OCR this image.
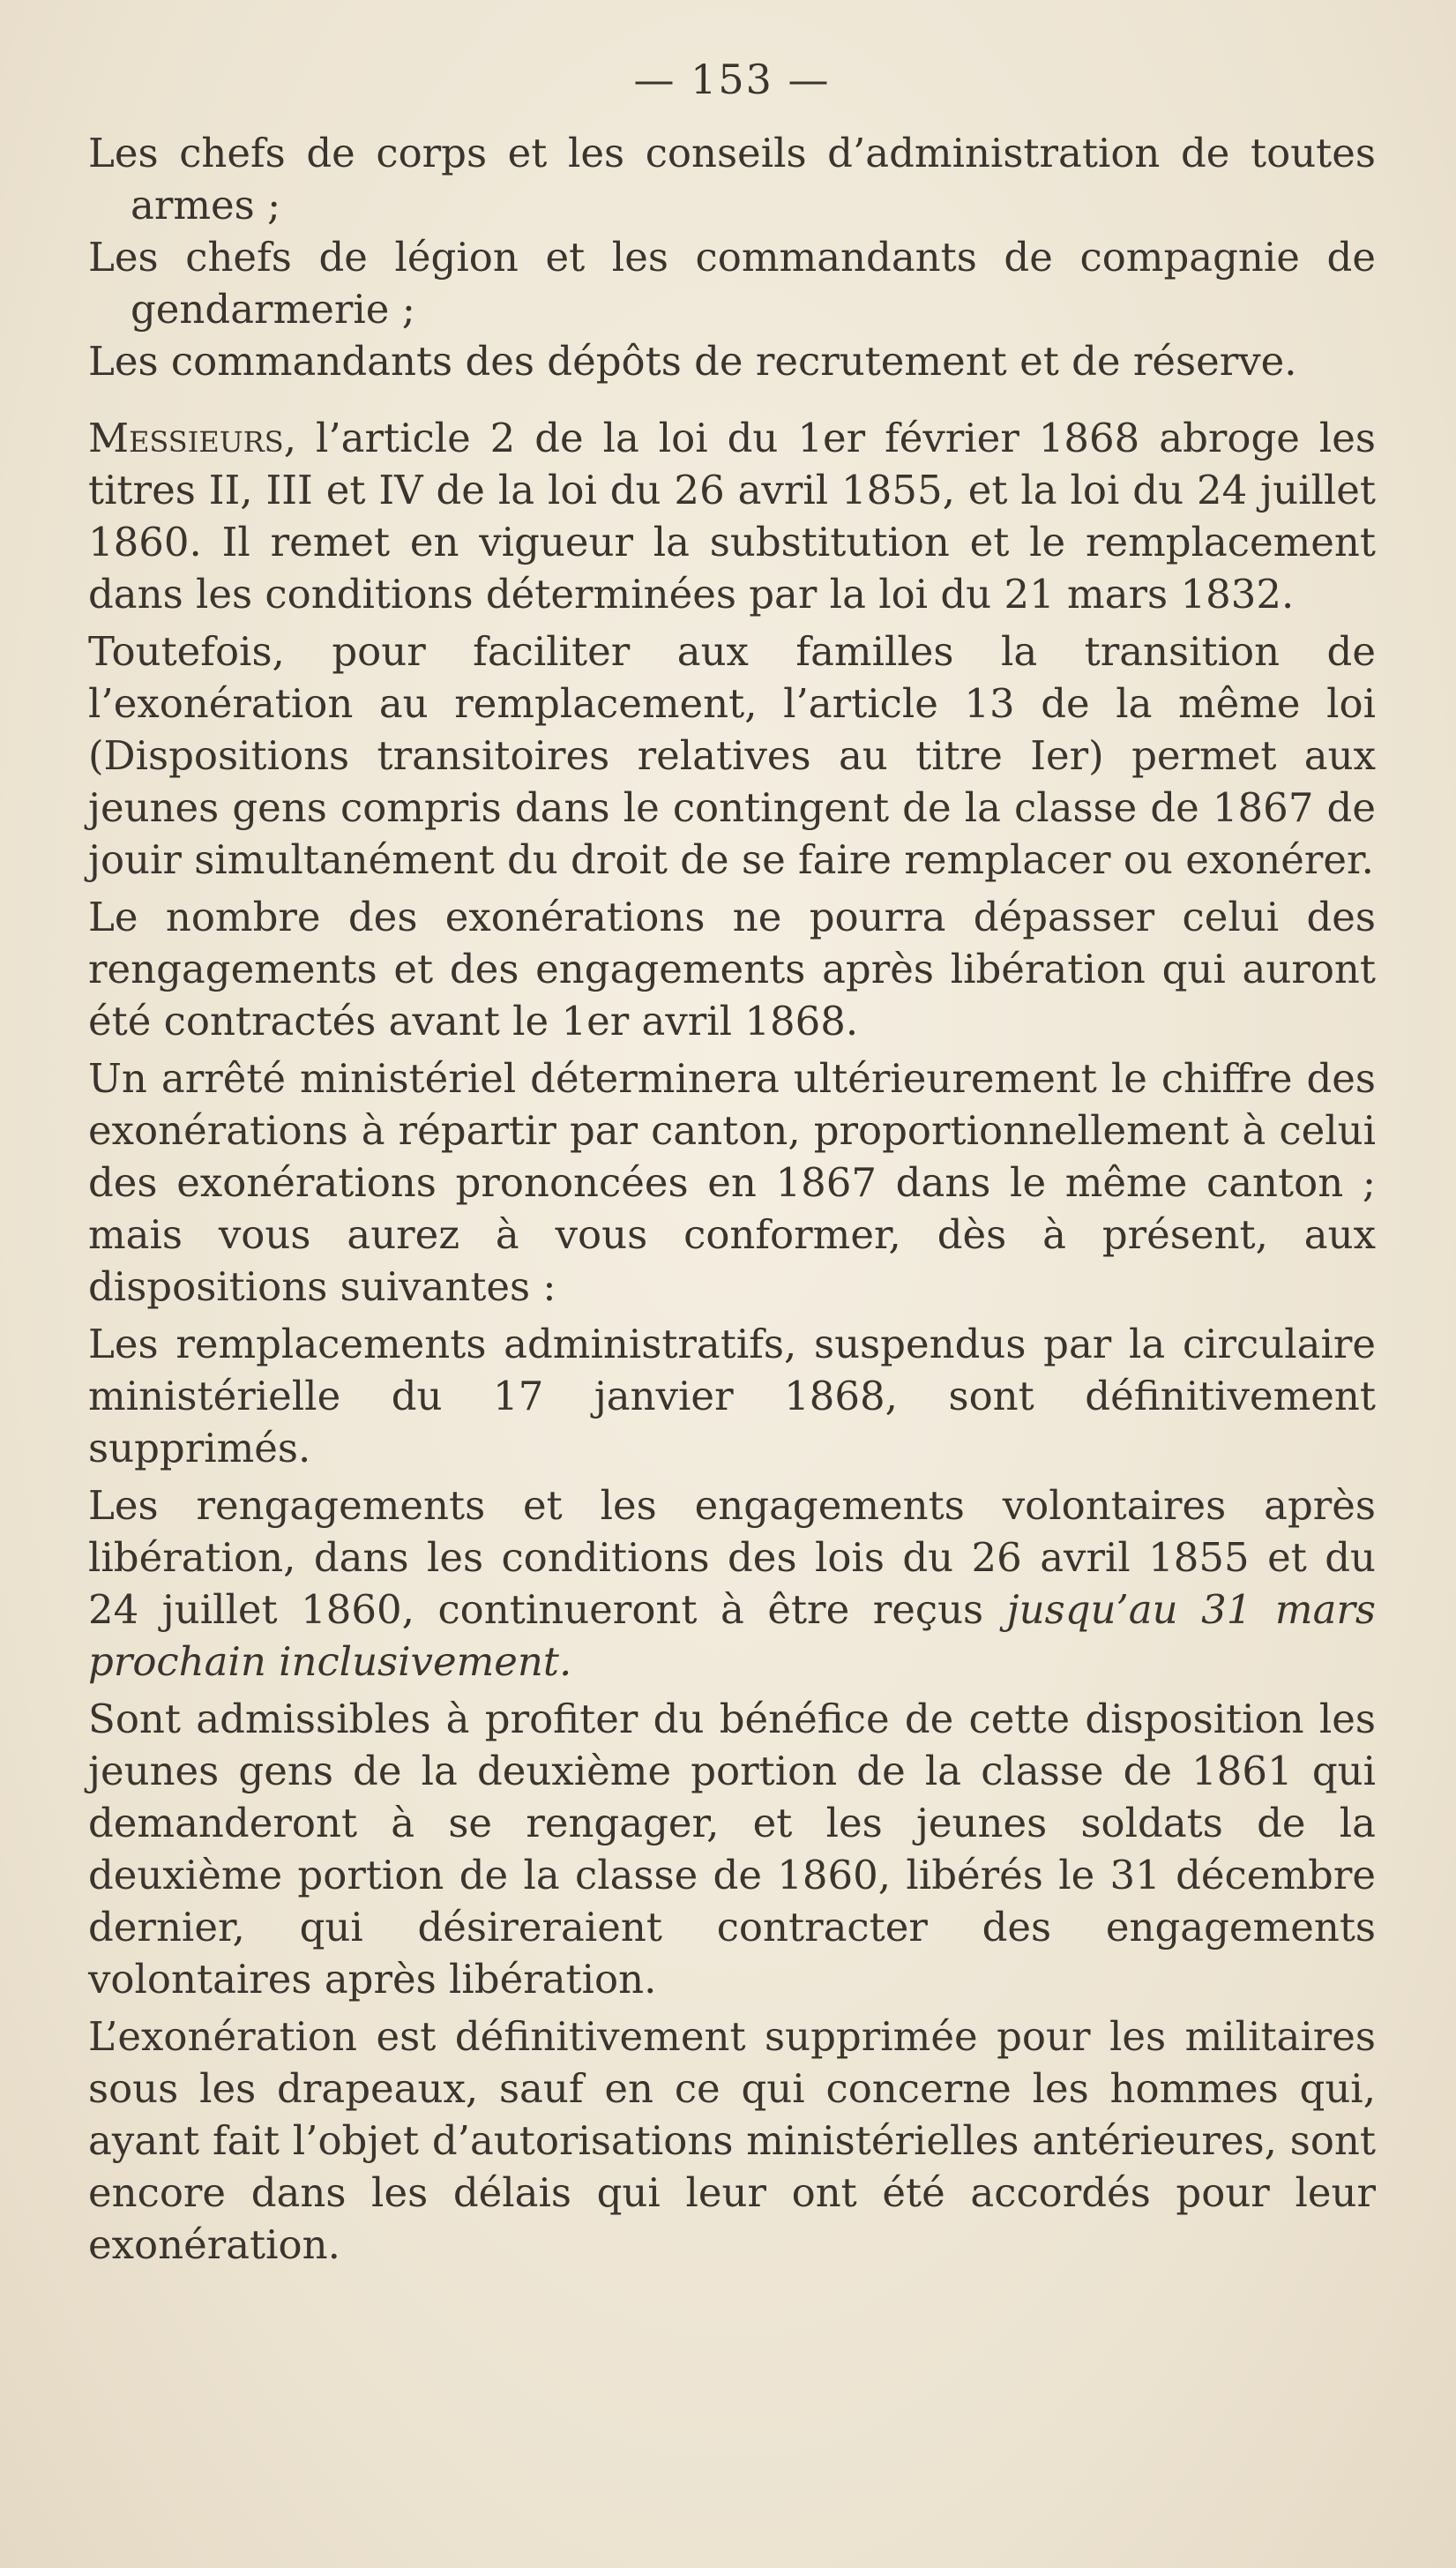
— 153 —

Les chefs de corps et les conseils d’administration de toutes armes ;

Les chefs de légion et les commandants de compagnie de gendarmerie ;

Les commandants des dépôts de recrutement et de réserve.

Messieurs, l’article 2 de la loi du 1er février 1868 abroge les titres II, III et IV de la loi du 26 avril 1855, et la loi du 24 juillet 1860. Il remet en vigueur la substitution et le remplacement dans les conditions déterminées par la loi du 21 mars 1832.

Toutefois, pour faciliter aux familles la transition de l’exonération au remplacement, l’article 13 de la même loi (Dispositions transitoires relatives au titre Ier) permet aux jeunes gens compris dans le contingent de la classe de 1867 de jouir simultanément du droit de se faire remplacer ou exonérer.

Le nombre des exonérations ne pourra dépasser celui des rengagements et des engagements après libération qui auront été contractés avant le 1er avril 1868.

Un arrêté ministériel déterminera ultérieurement le chiffre des exonérations à répartir par canton, proportionnellement à celui des exonérations prononcées en 1867 dans le même canton ; mais vous aurez à vous conformer, dès à présent, aux dispositions suivantes :

Les remplacements administratifs, suspendus par la circulaire ministérielle du 17 janvier 1868, sont définitivement supprimés.

Les rengagements et les engagements volontaires après libération, dans les conditions des lois du 26 avril 1855 et du 24 juillet 1860, continueront à être reçus jusqu’au 31 mars prochain inclusivement.

Sont admissibles à profiter du bénéfice de cette disposition les jeunes gens de la deuxième portion de la classe de 1861 qui demanderont à se rengager, et les jeunes soldats de la deuxième portion de la classe de 1860, libérés le 31 décembre dernier, qui désireraient contracter des engagements volontaires après libération.

L’exonération est définitivement supprimée pour les militaires sous les drapeaux, sauf en ce qui concerne les hommes qui, ayant fait l’objet d’autorisations ministérielles antérieures, sont encore dans les délais qui leur ont été accordés pour leur exonération.
